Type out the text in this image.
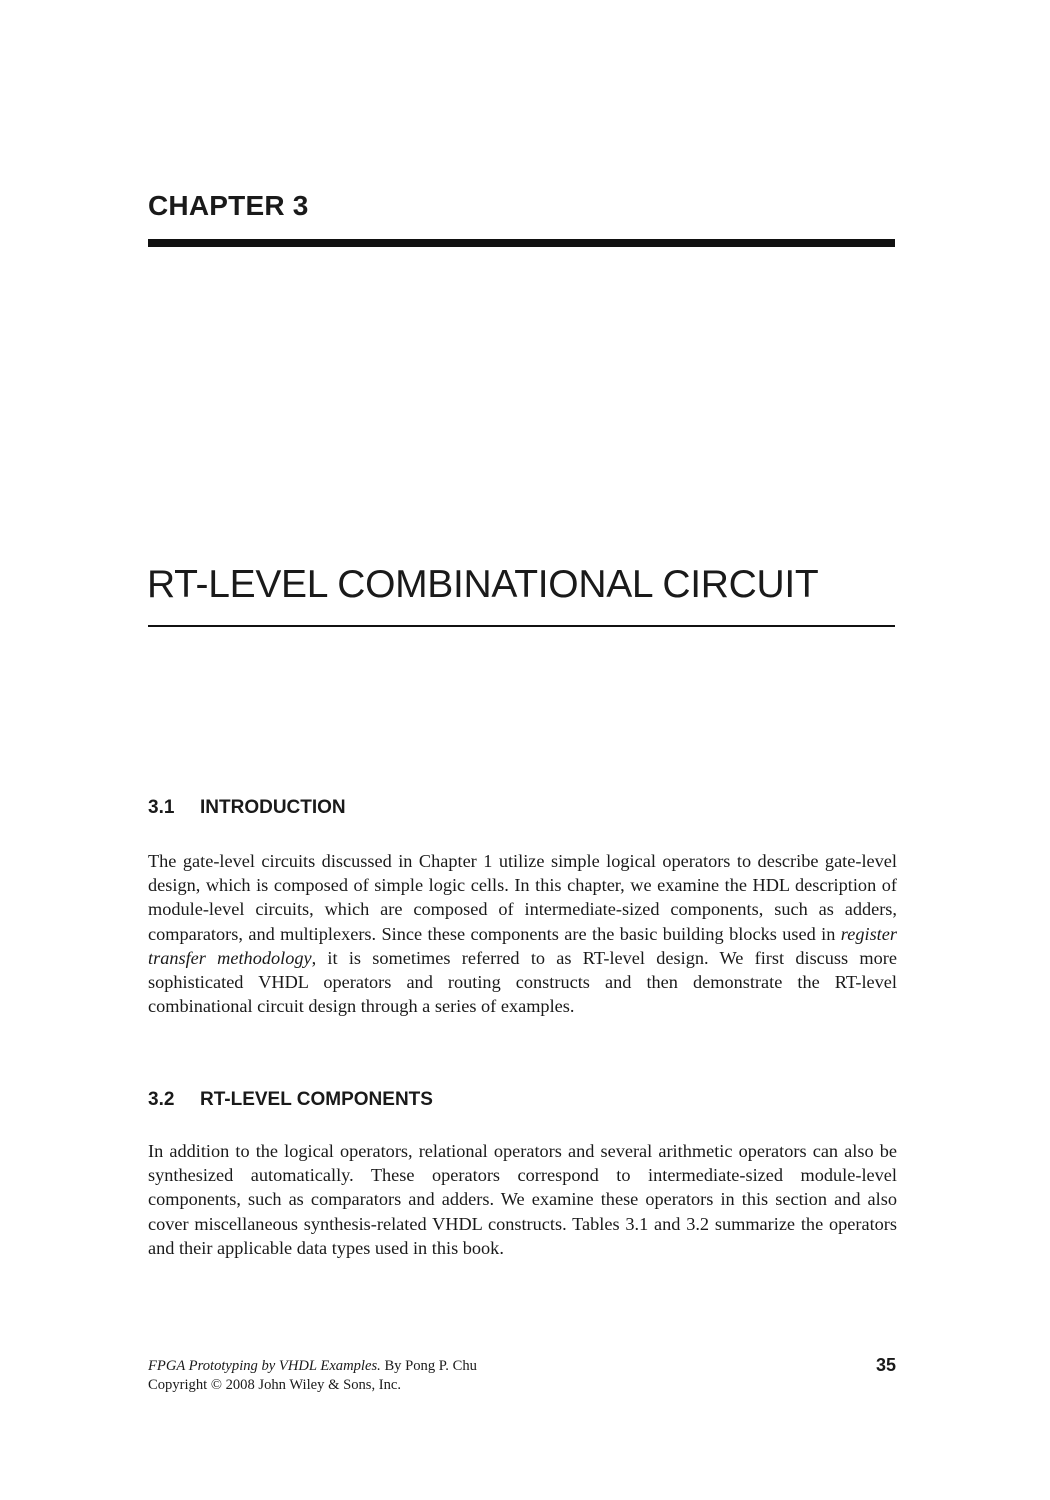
CHAPTER 3
RT-LEVEL COMBINATIONAL CIRCUIT
3.1 INTRODUCTION

The gate-level circuits discussed in Chapter 1 utilize simple logical operators to describe gate-level design, which is composed of simple logic cells. In this chapter, we examine the HDL description of module-level circuits, which are composed of intermediate-sized components, such as adders, comparators, and multiplexers. Since these components are the basic building blocks used in register transfer methodology, it is sometimes referred to as RT-level design. We first discuss more sophisticated VHDL operators and routing constructs and then demonstrate the RT-level combinational circuit design through a series of examples.

3.2 RT-LEVEL COMPONENTS

In addition to the logical operators, relational operators and several arithmetic operators can also be synthesized automatically. These operators correspond to intermediate-sized module-level components, such as comparators and adders. We examine these operators in this section and also cover miscellaneous synthesis-related VHDL constructs. Tables 3.1 and 3.2 summarize the operators and their applicable data types used in this book.

FPGA Prototyping by VHDL Examples. By Pong P. Chu
Copyright © 2008 John Wiley & Sons, Inc.
35
